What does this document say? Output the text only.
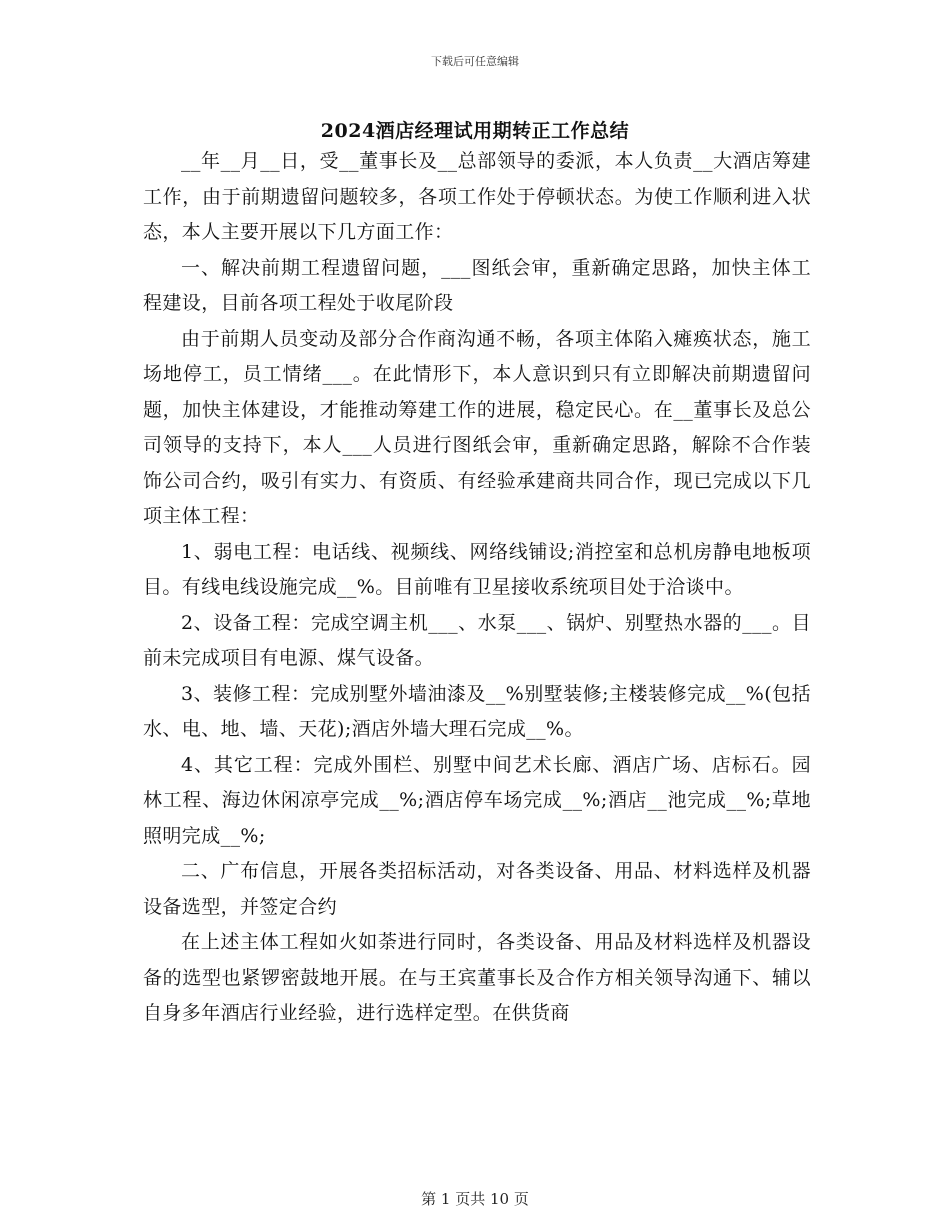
下载后可任意编辑
2024酒店经理试用期转正工作总结

__年__月__日，受__董事长及__总部领导的委派，本人负责__大酒店筹建工作，由于前期遗留问题较多，各项工作处于停顿状态。为使工作顺利进入状态，本人主要开展以下几方面工作：

一、解决前期工程遗留问题，___图纸会审，重新确定思路，加快主体工程建设，目前各项工程处于收尾阶段

由于前期人员变动及部分合作商沟通不畅，各项主体陷入瘫痪状态，施工场地停工，员工情绪___。在此情形下，本人意识到只有立即解决前期遗留问题，加快主体建设，才能推动筹建工作的进展，稳定民心。在__董事长及总公司领导的支持下，本人___人员进行图纸会审，重新确定思路，解除不合作装饰公司合约，吸引有实力、有资质、有经验承建商共同合作，现已完成以下几项主体工程：

1、弱电工程：电话线、视频线、网络线铺设;消控室和总机房静电地板项目。有线电线设施完成__%。目前唯有卫星接收系统项目处于洽谈中。

2、设备工程：完成空调主机___、水泵___、锅炉、别墅热水器的___。目前未完成项目有电源、煤气设备。

3、装修工程：完成别墅外墙油漆及__%别墅装修;主楼装修完成__%(包括水、电、地、墙、天花);酒店外墙大理石完成__%。

4、其它工程：完成外围栏、别墅中间艺术长廊、酒店广场、店标石。园林工程、海边休闲凉亭完成__%;酒店停车场完成__%;酒店__池完成__%;草地照明完成__%;

二、广布信息，开展各类招标活动，对各类设备、用品、材料选样及机器设备选型，并签定合约

在上述主体工程如火如荼进行同时，各类设备、用品及材料选样及机器设备的选型也紧锣密鼓地开展。在与王宾董事长及合作方相关领导沟通下、辅以自身多年酒店行业经验，进行选样定型。在供货商

第 1 页共 10 页
